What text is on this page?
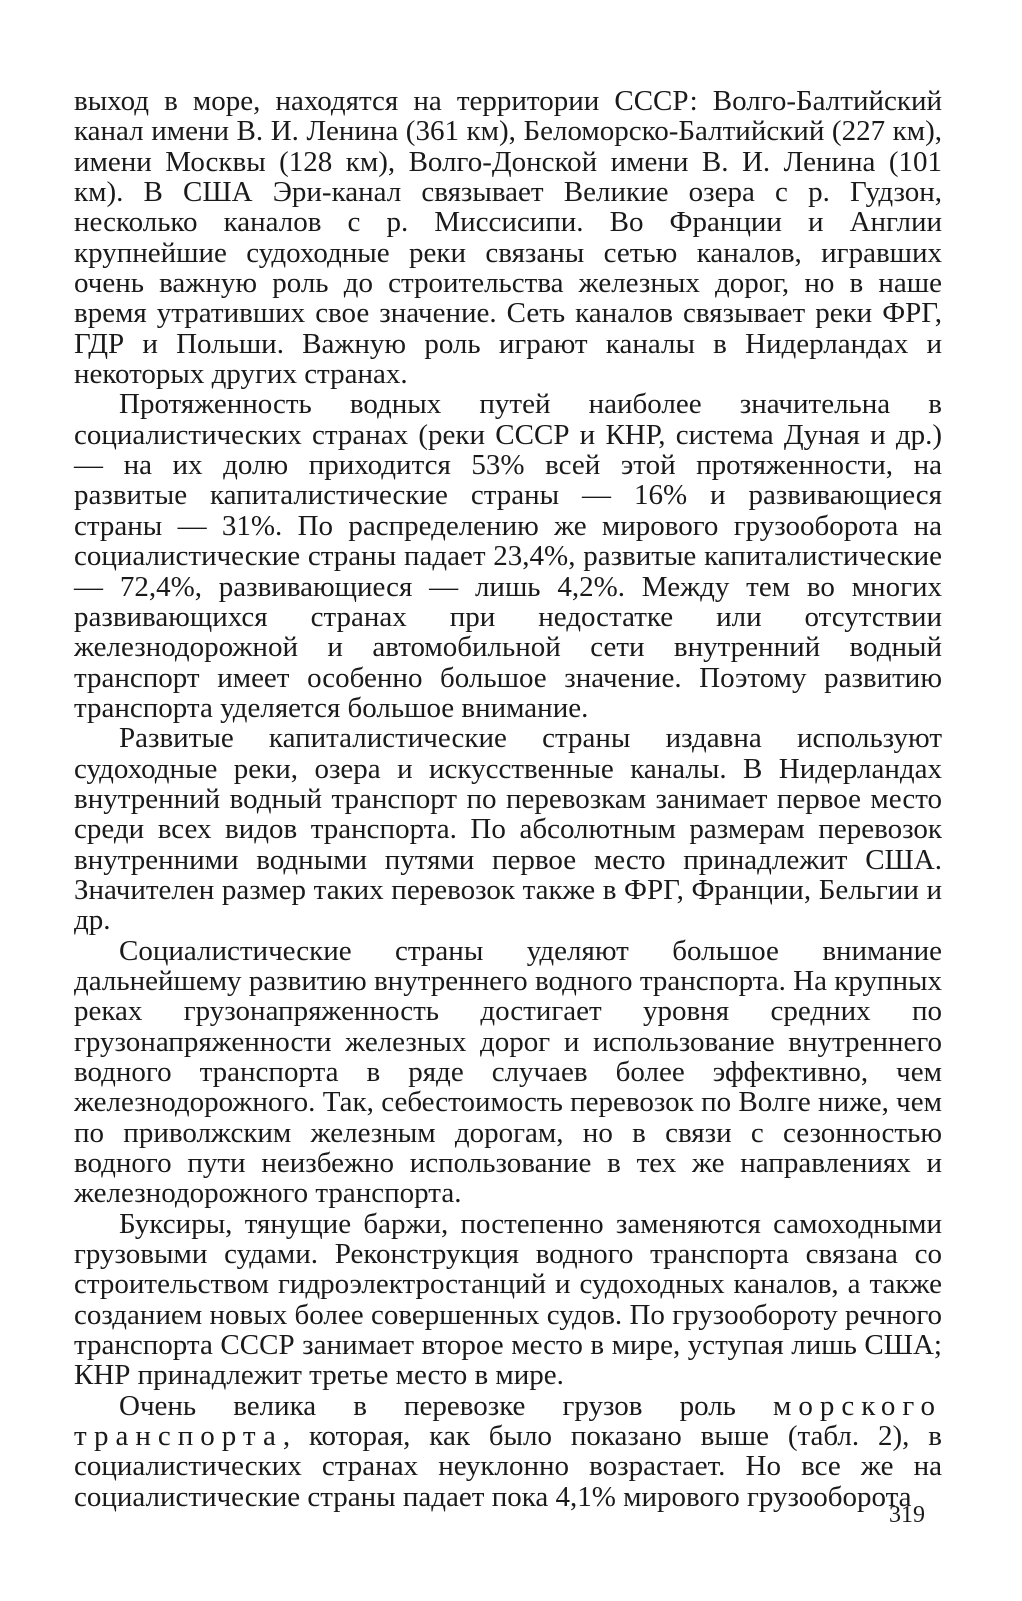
выход в море, находятся на территории СССР: Волго-Балтийский канал имени В. И. Ленина (361 км), Беломорско-Балтийский (227 км), имени Москвы (128 км), Волго-Донской имени В. И. Ленина (101 км). В США Эри-канал связывает Великие озера с р. Гудзон, несколько каналов с р. Миссисипи. Во Франции и Англии крупнейшие судоходные реки связаны сетью каналов, игравших очень важную роль до строительства железных дорог, но в наше время утративших свое значение. Сеть каналов связывает реки ФРГ, ГДР и Польши. Важную роль играют каналы в Нидерландах и некоторых других странах.

Протяженность водных путей наиболее значительна в социалистических странах (реки СССР и КНР, система Дуная и др.) — на их долю приходится 53% всей этой протяженности, на развитые капиталистические страны — 16% и развивающиеся страны — 31%. По распределению же мирового грузооборота на социалистические страны падает 23,4%, развитые капиталистические — 72,4%, развивающиеся — лишь 4,2%. Между тем во многих развивающихся странах при недостатке или отсутствии железнодорожной и автомобильной сети внутренний водный транспорт имеет особенно большое значение. Поэтому развитию транспорта уделяется большое внимание.

Развитые капиталистические страны издавна используют судоходные реки, озера и искусственные каналы. В Нидерландах внутренний водный транспорт по перевозкам занимает первое место среди всех видов транспорта. По абсолютным размерам перевозок внутренними водными путями первое место принадлежит США. Значителен размер таких перевозок также в ФРГ, Франции, Бельгии и др.

Социалистические страны уделяют большое внимание дальнейшему развитию внутреннего водного транспорта. На крупных реках грузонапряженность достигает уровня средних по грузонапряженности железных дорог и использование внутреннего водного транспорта в ряде случаев более эффективно, чем железнодорожного. Так, себестоимость перевозок по Волге ниже, чем по приволжским железным дорогам, но в связи с сезонностью водного пути неизбежно использование в тех же направлениях и железнодорожного транспорта.

Буксиры, тянущие баржи, постепенно заменяются самоходными грузовыми судами. Реконструкция водного транспорта связана со строительством гидроэлектростанций и судоходных каналов, а также созданием новых более совершенных судов. По грузообороту речного транспорта СССР занимает второе место в мире, уступая лишь США; КНР принадлежит третье место в мире.

Очень велика в перевозке грузов роль морского транспорта, которая, как было показано выше (табл. 2), в социалистических странах неуклонно возрастает. Но все же на социалистические страны падает пока 4,1% мирового грузооборота

319
